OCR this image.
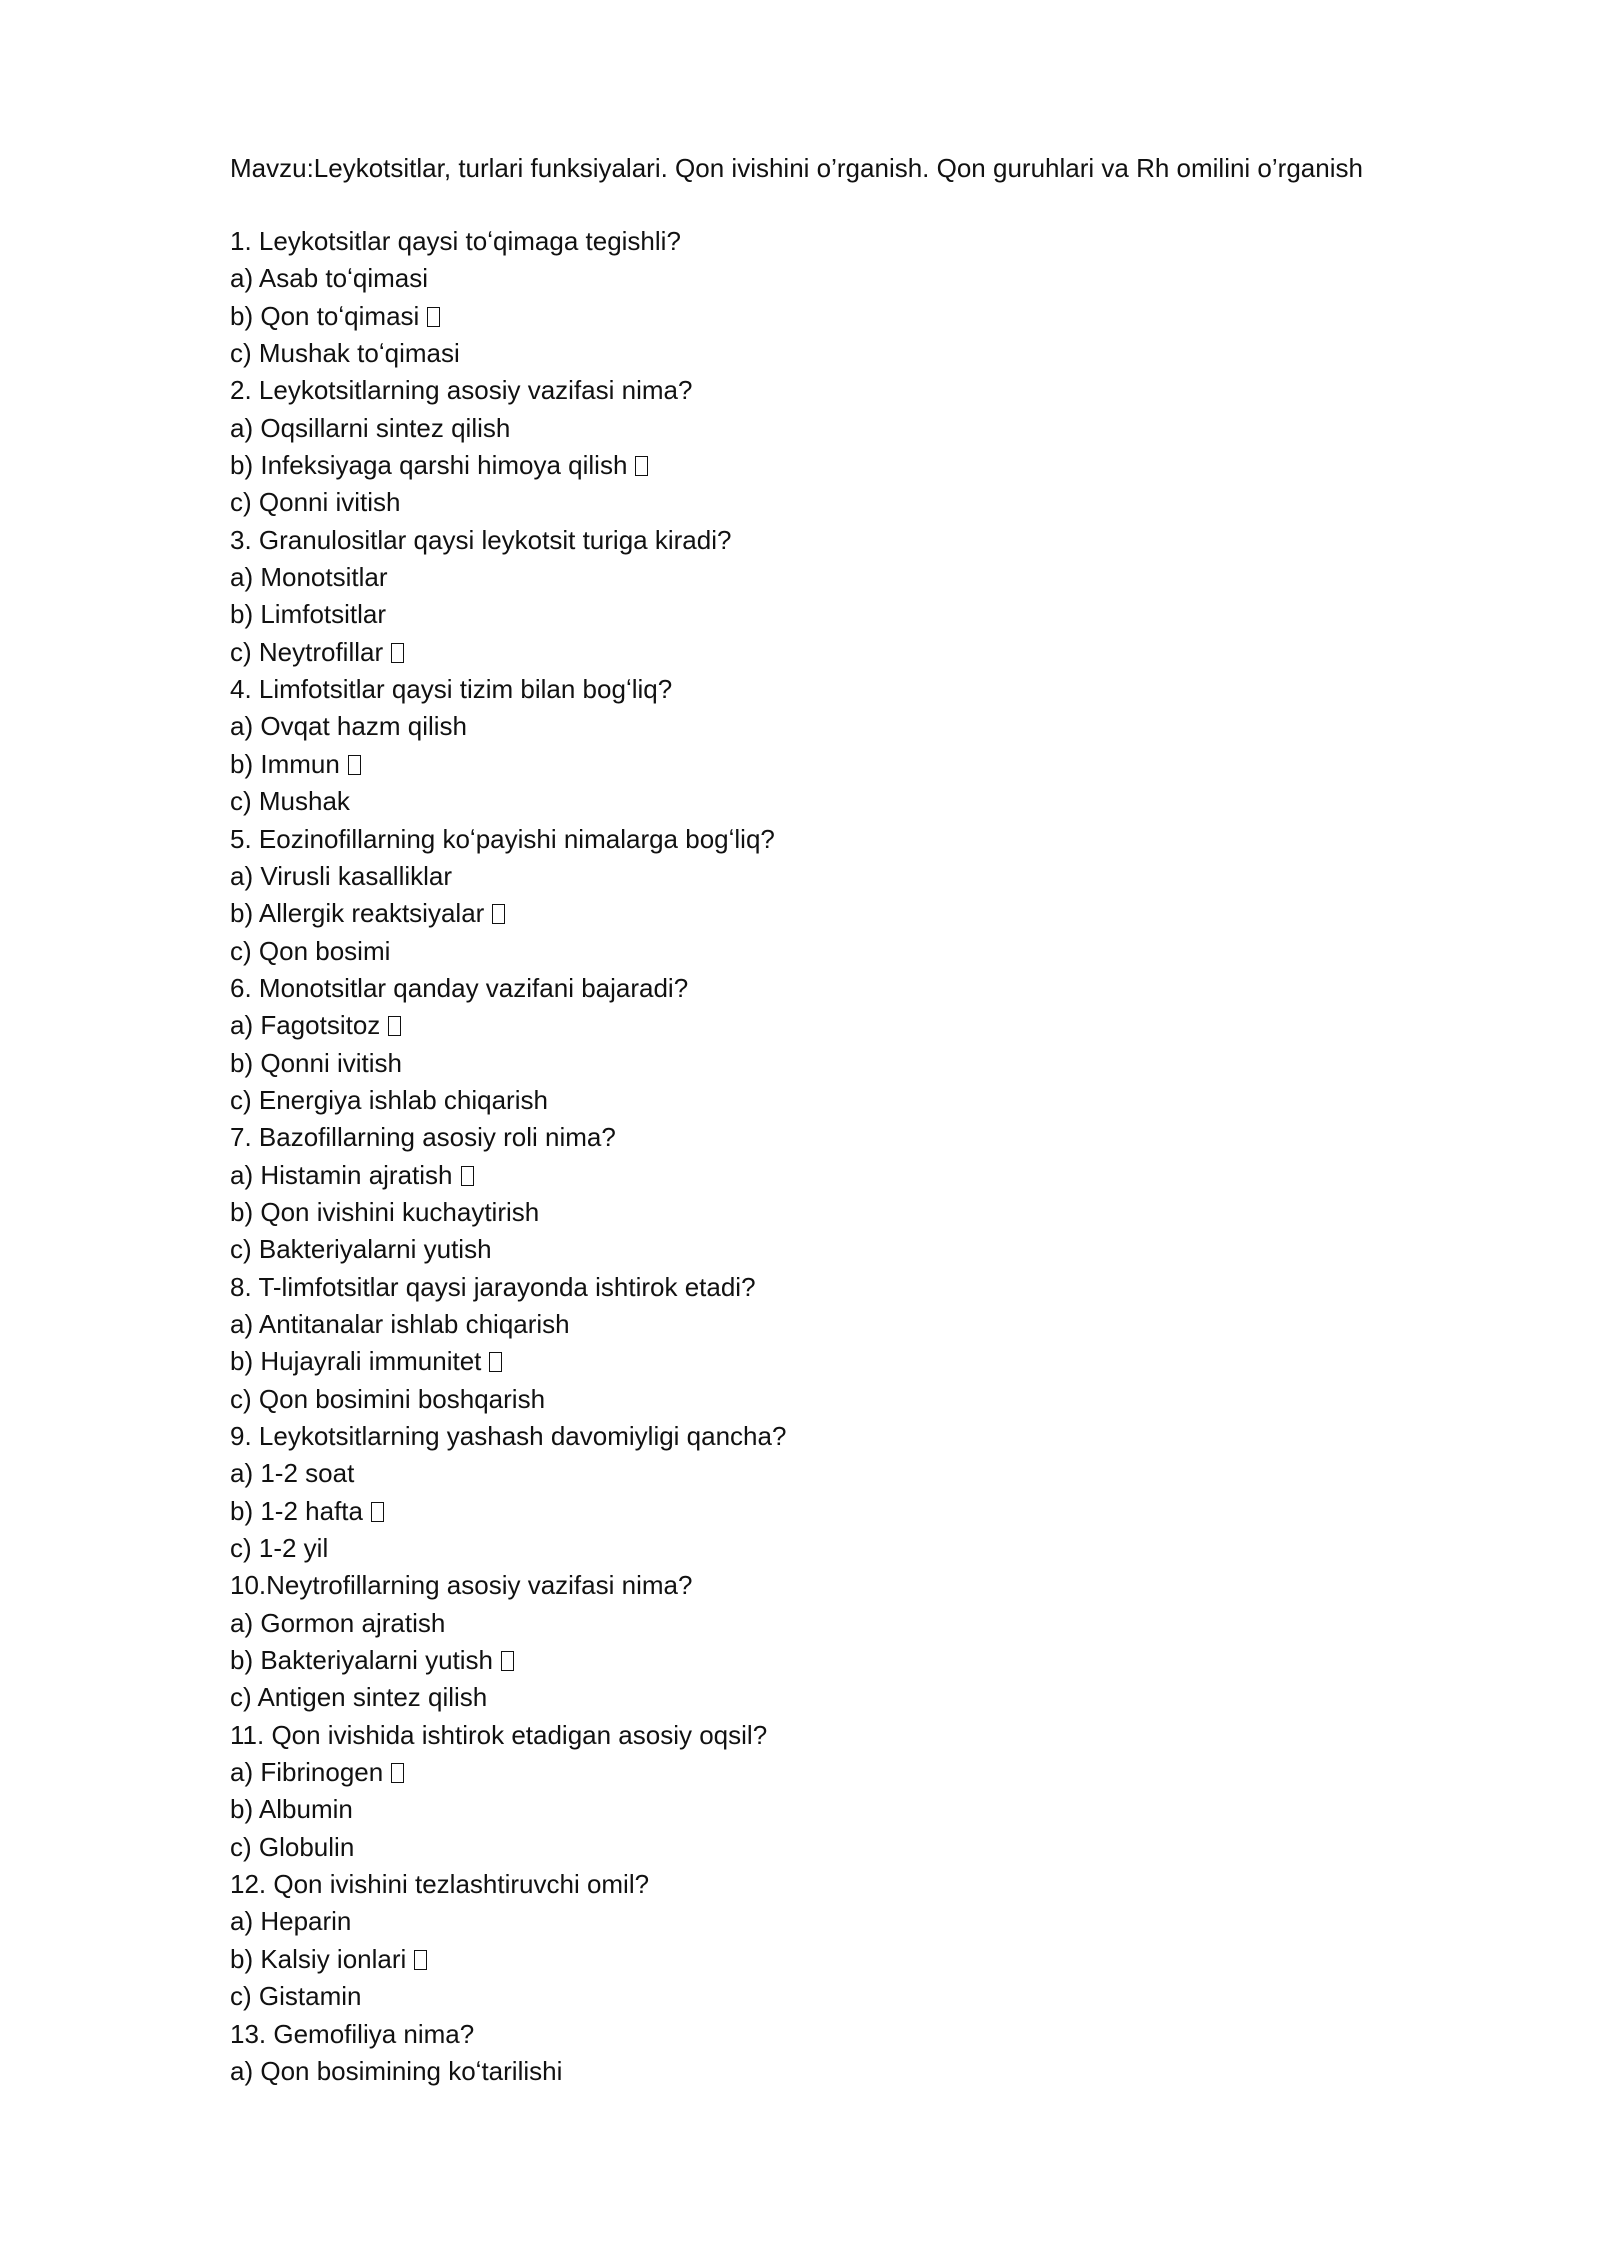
Mavzu:Leykotsitlar, turlari funksiyalari. Qon ivishini o’rganish. Qon guruhlari va Rh omilini o’rganish
1. Leykotsitlar qaysi toʻqimaga tegishli?
a) Asab toʻqimasi
b) Qon toʻqimasi
c) Mushak toʻqimasi
2. Leykotsitlarning asosiy vazifasi nima?
a) Oqsillarni sintez qilish
b) Infeksiyaga qarshi himoya qilish
c) Qonni ivitish
3. Granulositlar qaysi leykotsit turiga kiradi?
a) Monotsitlar
b) Limfotsitlar
c) Neytrofillar
4. Limfotsitlar qaysi tizim bilan bogʻliq?
a) Ovqat hazm qilish
b) Immun
c) Mushak
5. Eozinofillarning koʻpayishi nimalarga bogʻliq?
a) Virusli kasalliklar
b) Allergik reaktsiyalar
c) Qon bosimi
6. Monotsitlar qanday vazifani bajaradi?
a) Fagotsitoz
b) Qonni ivitish
c) Energiya ishlab chiqarish
7. Bazofillarning asosiy roli nima?
a) Histamin ajratish
b) Qon ivishini kuchaytirish
c) Bakteriyalarni yutish
8. T-limfotsitlar qaysi jarayonda ishtirok etadi?
a) Antitanalar ishlab chiqarish
b) Hujayrali immunitet
c) Qon bosimini boshqarish
9. Leykotsitlarning yashash davomiyligi qancha?
a) 1-2 soat
b) 1-2 hafta
c) 1-2 yil
10.Neytrofillarning asosiy vazifasi nima?
a) Gormon ajratish
b) Bakteriyalarni yutish
c) Antigen sintez qilish
11. Qon ivishida ishtirok etadigan asosiy oqsil?
a) Fibrinogen
b) Albumin
c) Globulin
12. Qon ivishini tezlashtiruvchi omil?
a) Heparin
b) Kalsiy ionlari
c) Gistamin
13. Gemofiliya nima?
a) Qon bosimining koʻtarilishi
